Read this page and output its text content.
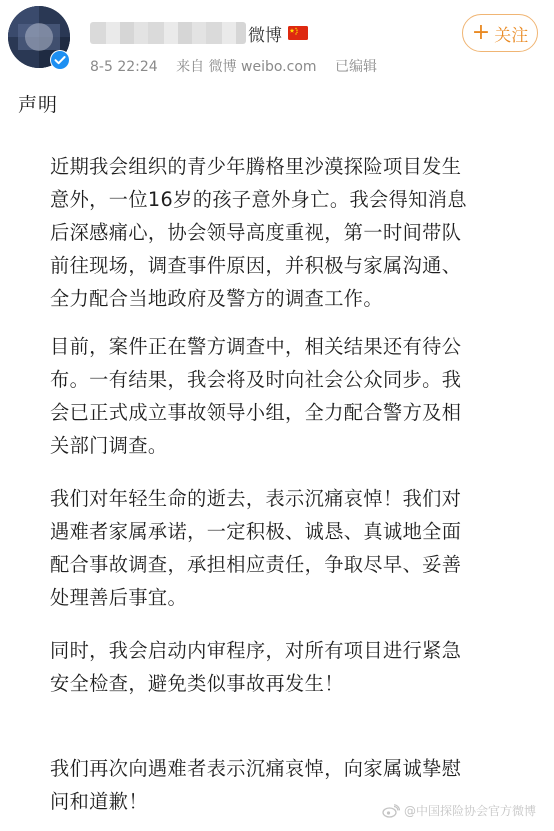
微博
8-5 22:24 来自 微博 weibo.com 已编辑
+ 关注
声明
近期我会组织的青少年腾格里沙漠探险项目发生
意外，一位16岁的孩子意外身亡。我会得知消息
后深感痛心，协会领导高度重视，第一时间带队
前往现场，调查事件原因，并积极与家属沟通、
全力配合当地政府及警方的调查工作。
目前，案件正在警方调查中，相关结果还有待公
布。一有结果，我会将及时向社会公众同步。我
会已正式成立事故领导小组，全力配合警方及相
关部门调查。
我们对年轻生命的逝去，表示沉痛哀悼！我们对
遇难者家属承诺，一定积极、诚恳、真诚地全面
配合事故调查，承担相应责任，争取尽早、妥善
处理善后事宜。
同时，我会启动内审程序，对所有项目进行紧急
安全检查，避免类似事故再发生！
我们再次向遇难者表示沉痛哀悼，向家属诚挚慰
问和道歉！	@中国探险协会官方微博
